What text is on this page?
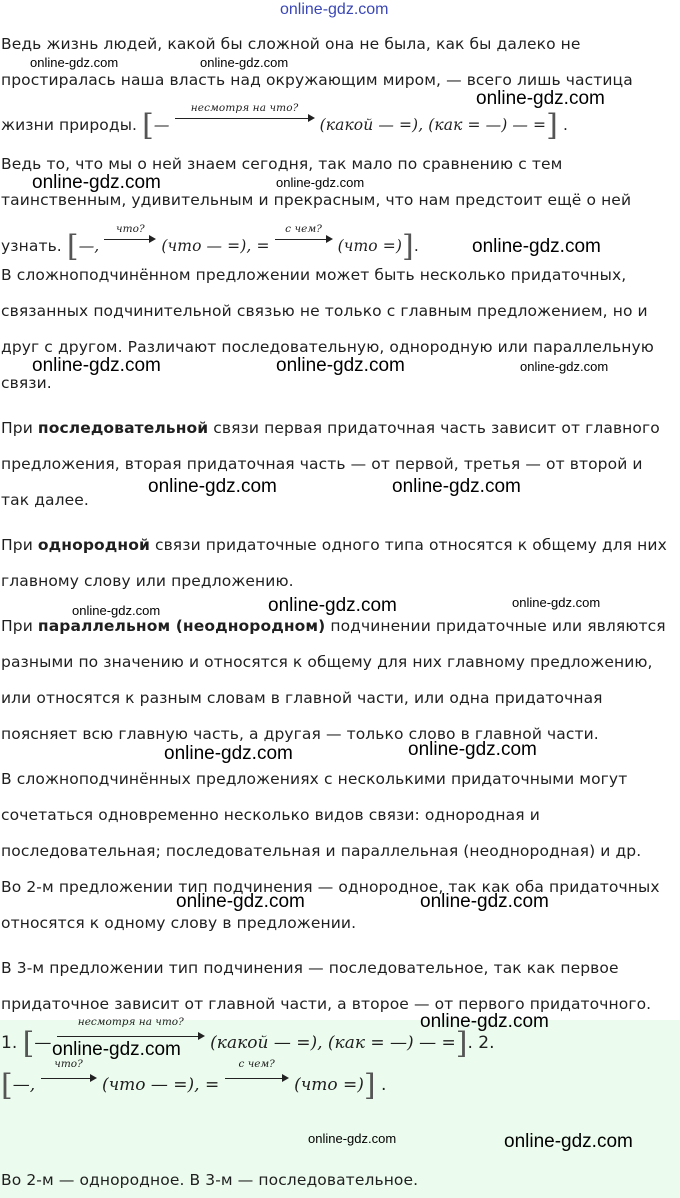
online-gdz.com
Ведь жизнь людей, какой бы сложной она не была, как бы далеко не
простиралась наша власть над окружающим миром, — всего лишь частица
жизни природы. [—
несмотря на что?
(какой — =), (как = —) — =] .
Ведь то, что мы о ней знаем сегодня, так мало по сравнению с тем
таинственным, удивительным и прекрасным, что нам предстоит ещё о ней
узнать. [—,
что?
(что — =), =
с чем?
(что =)].
В сложноподчинённом предложении может быть несколько придаточных,
связанных подчинительной связью не только с главным предложением, но и
друг с другом. Различают последовательную, однородную или параллельную
связи.
При последовательной связи первая придаточная часть зависит от главного
предложения, вторая придаточная часть — от первой, третья — от второй и
так далее.
При однородной связи придаточные одного типа относятся к общему для них
главному слову или предложению.
При параллельном (неоднородном) подчинении придаточные или являются
разными по значению и относятся к общему для них главному предложению,
или относятся к разным словам в главной части, или одна придаточная
поясняет всю главную часть, а другая — только слово в главной части.
В сложноподчинённых предложениях с несколькими придаточными могут
сочетаться одновременно несколько видов связи: однородная и
последовательная; последовательная и параллельная (неоднородная) и др.
Во 2-м предложении тип подчинения — однородное, так как оба придаточных
относятся к одному слову в предложении.
В 3-м предложении тип подчинения — последовательное, так как первое
придаточное зависит от главной части, а второе — от первого придаточного.
1. [—
несмотря на что?
(какой — =), (как = —) — =]. 2.
[—,
что?
(что — =), =
с чем?
(что =)] .
Во 2-м — однородное. В 3-м — последовательное.
online-gdz.com	online-gdz.com
online-gdz.com
online-gdz.com	online-gdz.com
online-gdz.com
online-gdz.com	online-gdz.com	online-gdz.com
online-gdz.com	online-gdz.com
online-gdz.com	online-gdz.com	online-gdz.com
online-gdz.com	online-gdz.com
online-gdz.com	online-gdz.com
online-gdz.com
online-gdz.com
online-gdz.com	online-gdz.com
